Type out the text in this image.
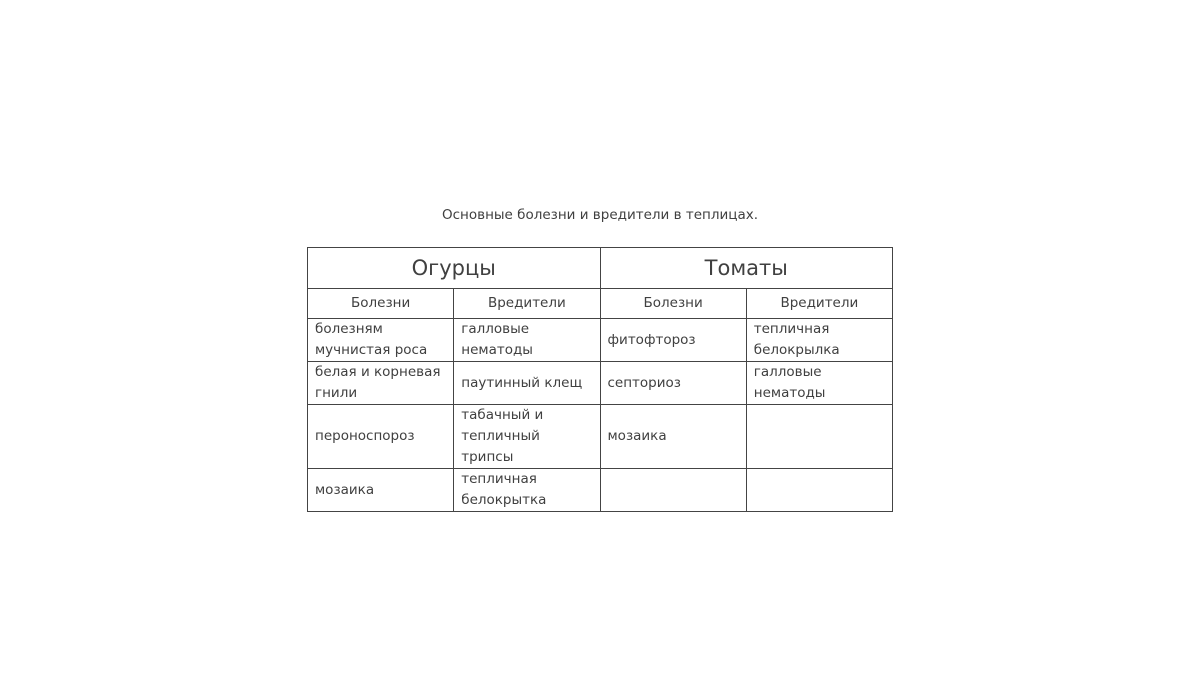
Основные болезни и вредители в теплицах.
Огурцы		Томаты	
Болезни	Вредители	Болезни	Вредители
болезням мучнистая роса	галловые нематоды	фитофтороз	тепличная белокрылка
белая и корневая гнили	паутинный клещ	септориоз	галловые нематоды
пероноспороз	табачный и тепличный трипсы	мозаика	
мозаика	тепличная белокрытка		
